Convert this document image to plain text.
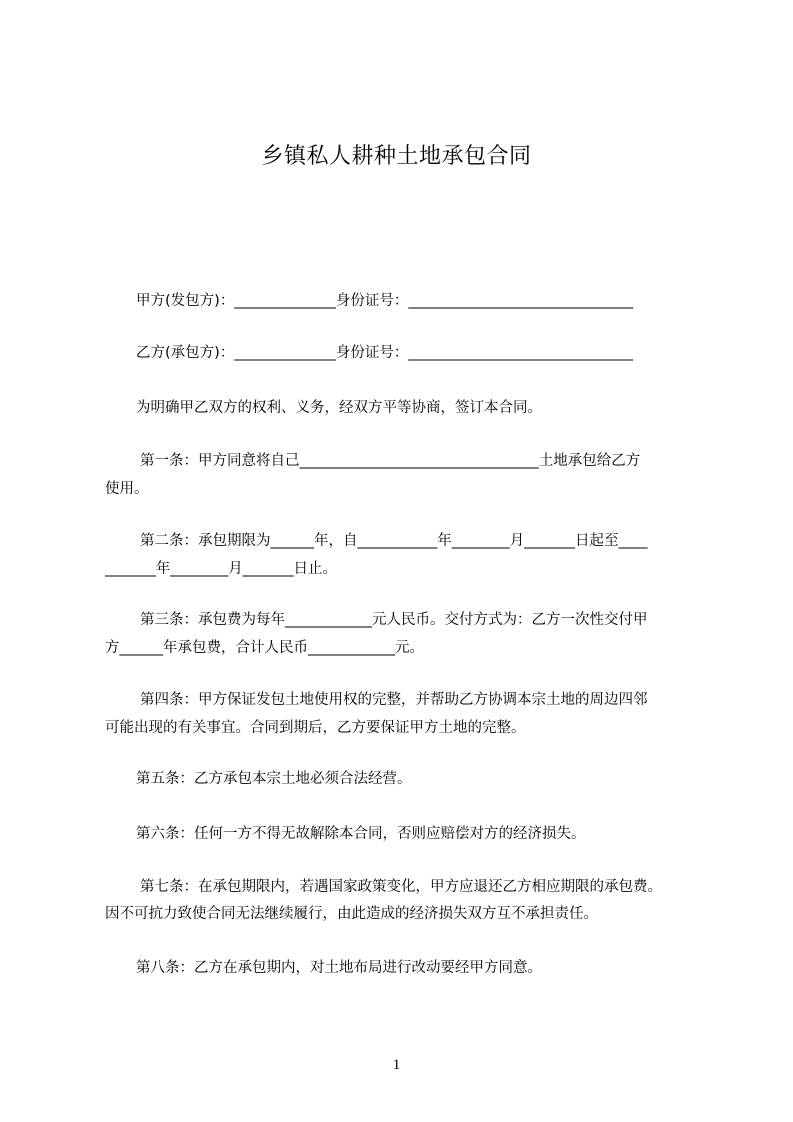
乡镇私人耕种土地承包合同
甲方(发包方)：______________身份证号：_______________________________
乙方(承包方)：______________身份证号：_______________________________
为明确甲乙双方的权利、义务，经双方平等协商，签订本合同。
第一条：甲方同意将自己_________________________________土地承包给乙方
使用。
第二条：承包期限为______年，自___________年________月_______日起至____
_______年________月_______日止。
第三条：承包费为每年____________元人民币。交付方式为：乙方一次性交付甲
方______年承包费，合计人民币____________元。
第四条：甲方保证发包土地使用权的完整，并帮助乙方协调本宗土地的周边四邻
可能出现的有关事宜。合同到期后，乙方要保证甲方土地的完整。
第五条：乙方承包本宗土地必须合法经营。
第六条：任何一方不得无故解除本合同，否则应赔偿对方的经济损失。
第七条：在承包期限内，若遇国家政策变化，甲方应退还乙方相应期限的承包费。
因不可抗力致使合同无法继续履行，由此造成的经济损失双方互不承担责任。
第八条：乙方在承包期内，对土地布局进行改动要经甲方同意。
1
